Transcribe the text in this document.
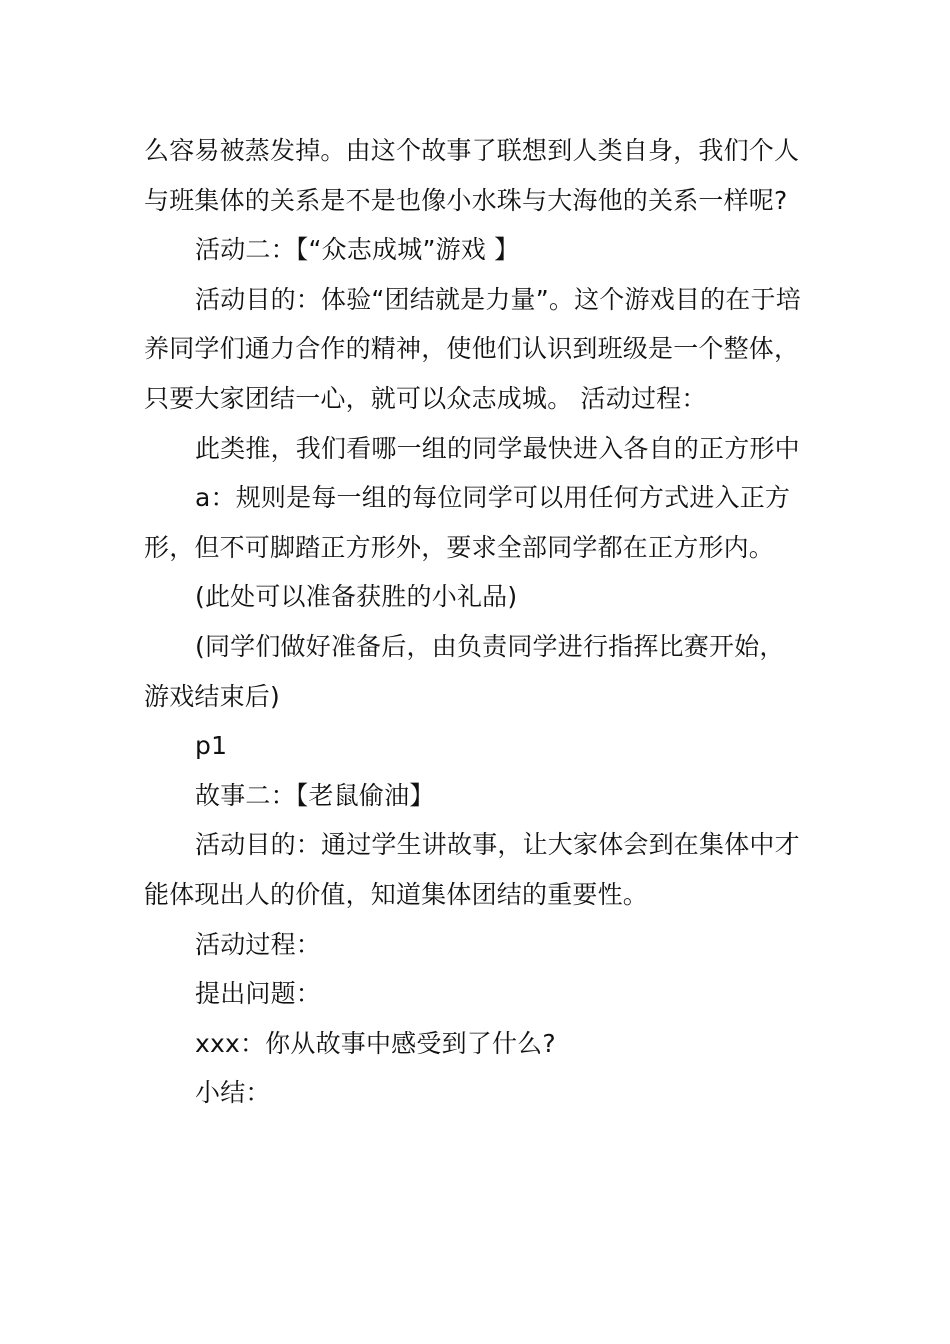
么容易被蒸发掉。由这个故事了联想到人类自身，我们个人与班集体的关系是不是也像小水珠与大海他的关系一样呢?

活动二：【“众志成城”游戏 】

活动目的：体验“团结就是力量”。这个游戏目的在于培养同学们通力合作的精神，使他们认识到班级是一个整体，只要大家团结一心，就可以众志成城。 活动过程：

此类推，我们看哪一组的同学最快进入各自的正方形中

a：规则是每一组的每位同学可以用任何方式进入正方形，但不可脚踏正方形外，要求全部同学都在正方形内。

(此处可以准备获胜的小礼品)

(同学们做好准备后，由负责同学进行指挥比赛开始，游戏结束后)

p1

故事二：【老鼠偷油】

活动目的：通过学生讲故事，让大家体会到在集体中才能体现出人的价值，知道集体团结的重要性。

活动过程：

提出问题：

xxx：你从故事中感受到了什么?

小结：
